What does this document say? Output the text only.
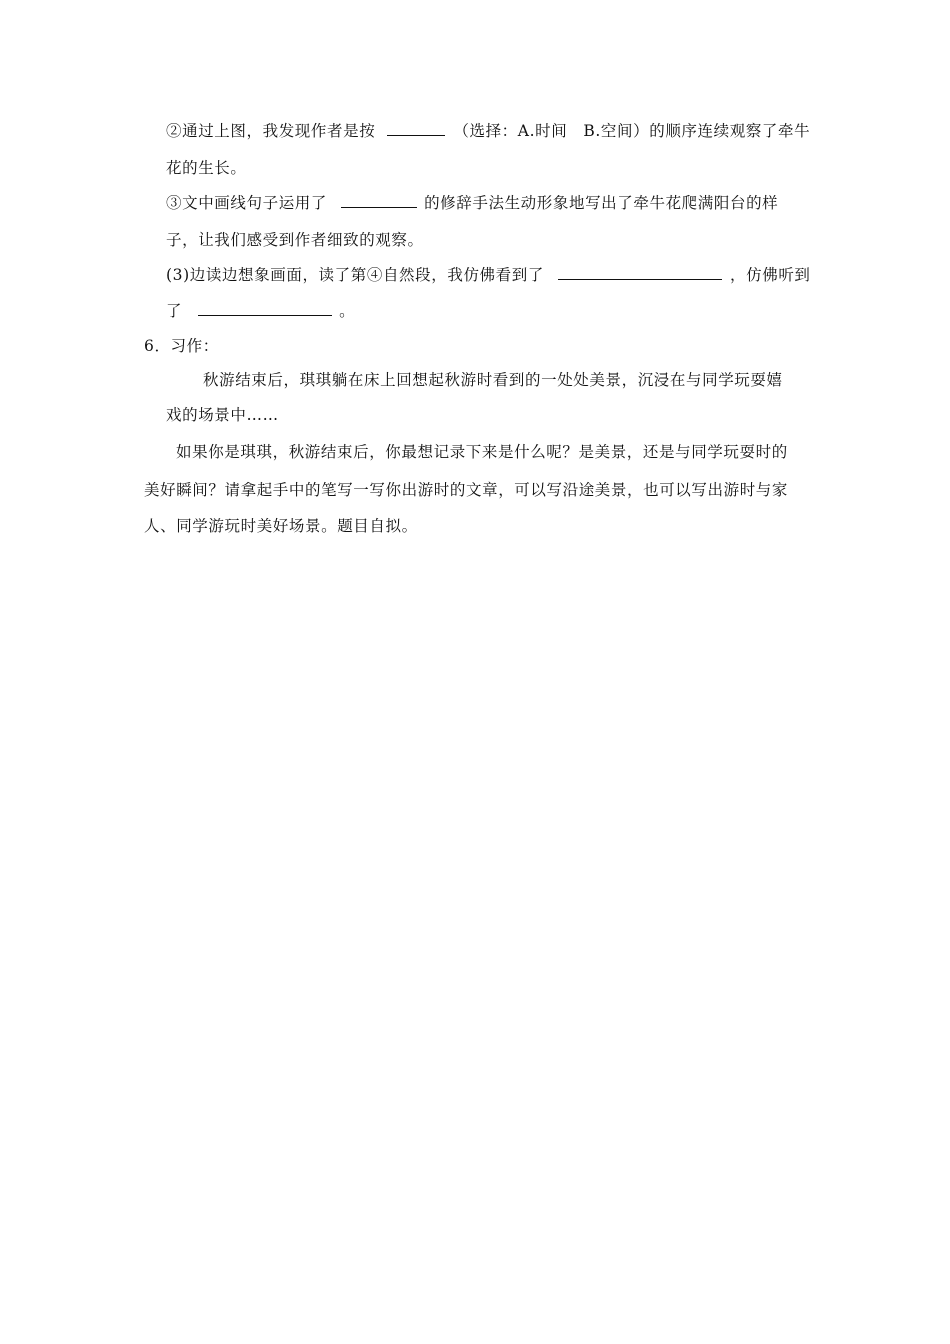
②通过上图，我发现作者是按	（选择：A.时间　B.空间）的顺序连续观察了牵牛
花的生长。
③文中画线句子运用了	的修辞手法生动形象地写出了牵牛花爬满阳台的样
子，让我们感受到作者细致的观察。
(3)边读边想象画面，读了第④自然段，我仿佛看到了	，仿佛听到
了	。
6．习作：
秋游结束后，琪琪躺在床上回想起秋游时看到的一处处美景，沉浸在与同学玩耍嬉
戏的场景中……
如果你是琪琪，秋游结束后，你最想记录下来是什么呢？是美景，还是与同学玩耍时的
美好瞬间？请拿起手中的笔写一写你出游时的文章，可以写沿途美景，也可以写出游时与家
人、同学游玩时美好场景。题目自拟。
